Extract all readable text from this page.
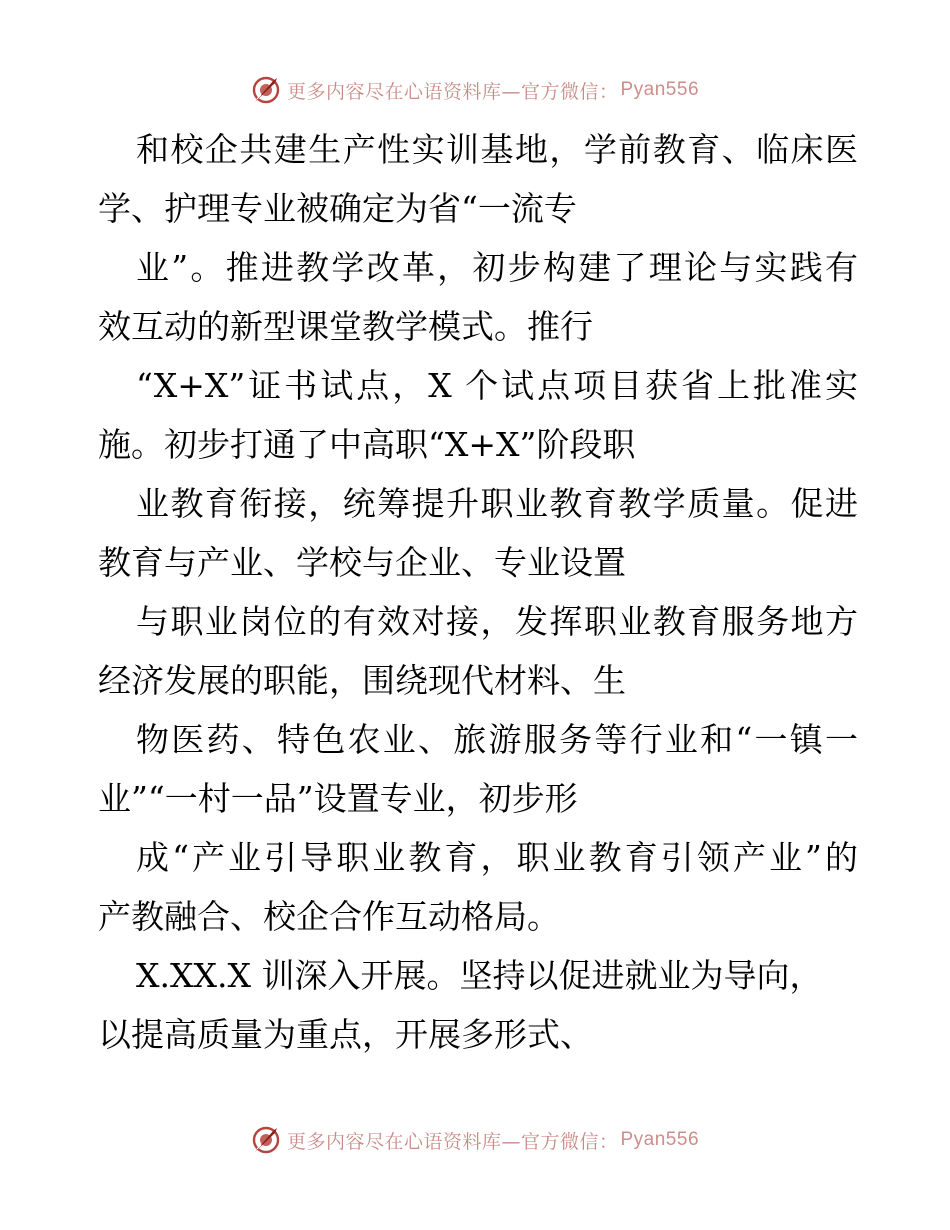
更多内容尽在心语资料库—官方微信： Pyan556
和校企共建生产性实训基地，学前教育、临床医
学、护理专业被确定为省“一流专
业”。推进教学改革，初步构建了理论与实践有
效互动的新型课堂教学模式。推行
“X+X”证书试点，X 个试点项目获省上批准实
施。初步打通了中高职“X+X”阶段职
业教育衔接，统筹提升职业教育教学质量。促进
教育与产业、学校与企业、专业设置
与职业岗位的有效对接，发挥职业教育服务地方
经济发展的职能，围绕现代材料、生
物医药、特色农业、旅游服务等行业和“一镇一
业”“一村一品”设置专业，初步形
成“产业引导职业教育，职业教育引领产业”的
产教融合、校企合作互动格局。
X.XX.X 训深入开展。坚持以促进就业为导向，
以提高质量为重点，开展多形式、
更多内容尽在心语资料库—官方微信： Pyan556
